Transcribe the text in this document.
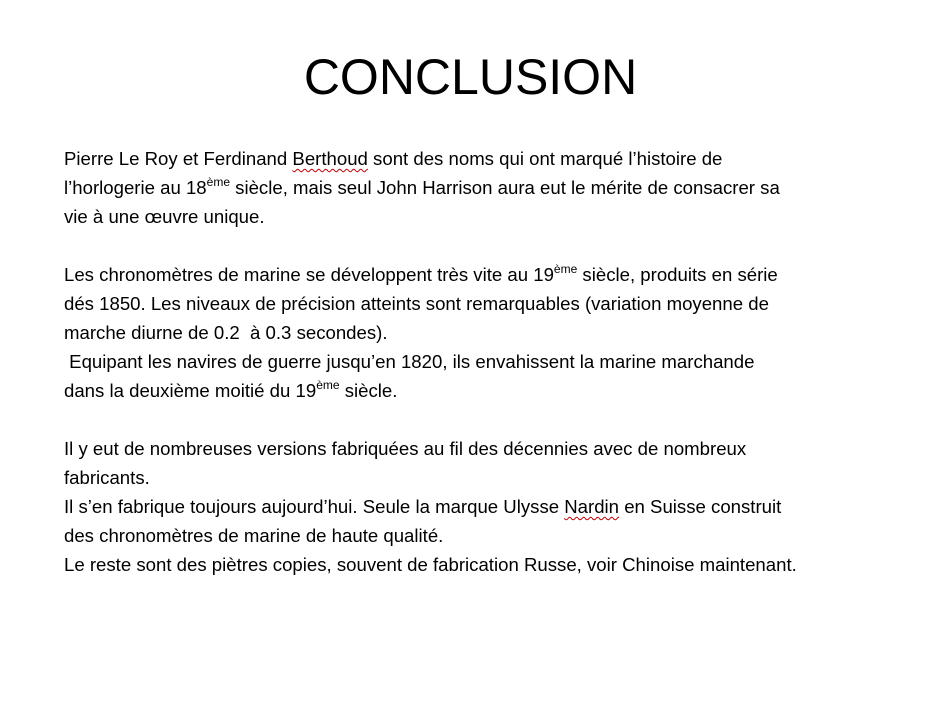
CONCLUSION

Pierre Le Roy et Ferdinand Berthoud sont des noms qui ont marqué l’histoire de

l’horlogerie au 18ème siècle, mais seul John Harrison aura eut le mérite de consacrer sa

vie à une œuvre unique.

Les chronomètres de marine se développent très vite au 19ème siècle, produits en série

dés 1850. Les niveaux de précision atteints sont remarquables (variation moyenne de

marche diurne de 0.2  à 0.3 secondes).

Equipant les navires de guerre jusqu’en 1820, ils envahissent la marine marchande

dans la deuxième moitié du 19ème siècle.

Il y eut de nombreuses versions fabriquées au fil des décennies avec de nombreux

fabricants.

Il s’en fabrique toujours aujourd’hui. Seule la marque Ulysse Nardin en Suisse construit

des chronomètres de marine de haute qualité.

Le reste sont des piètres copies, souvent de fabrication Russe, voir Chinoise maintenant.
